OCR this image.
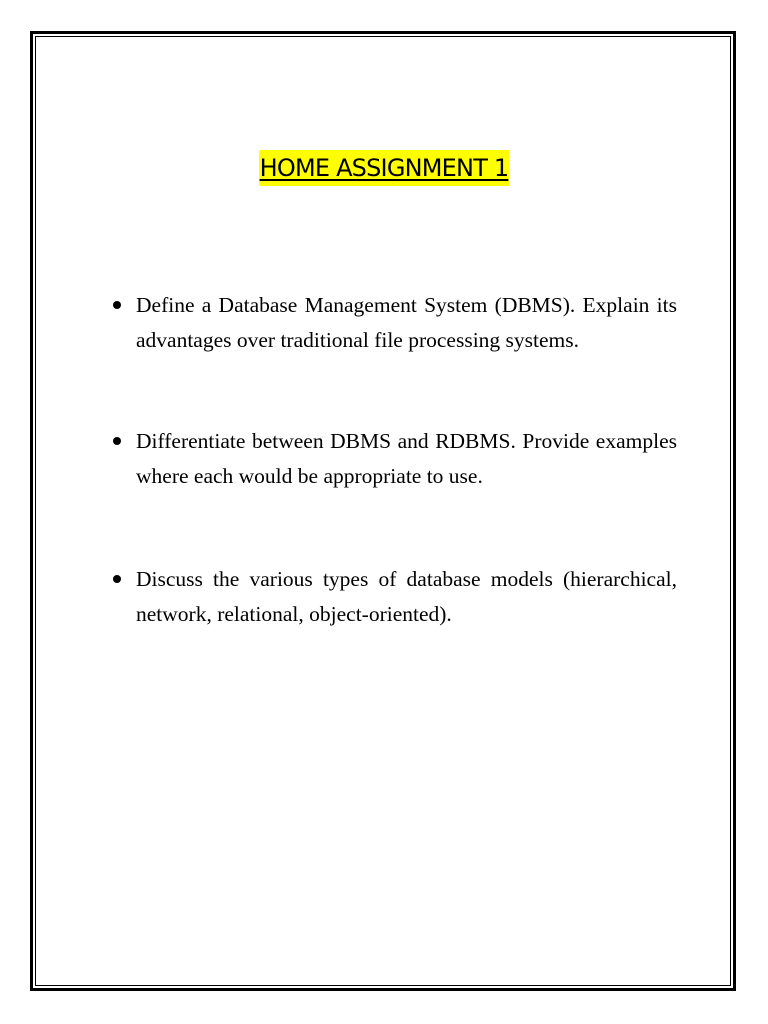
HOME ASSIGNMENT 1

Define a Database Management System (DBMS). Explain its advantages over traditional file processing systems.

Differentiate between DBMS and RDBMS. Provide examples where each would be appropriate to use.

Discuss the various types of database models (hierarchical, network, relational, object-oriented).
